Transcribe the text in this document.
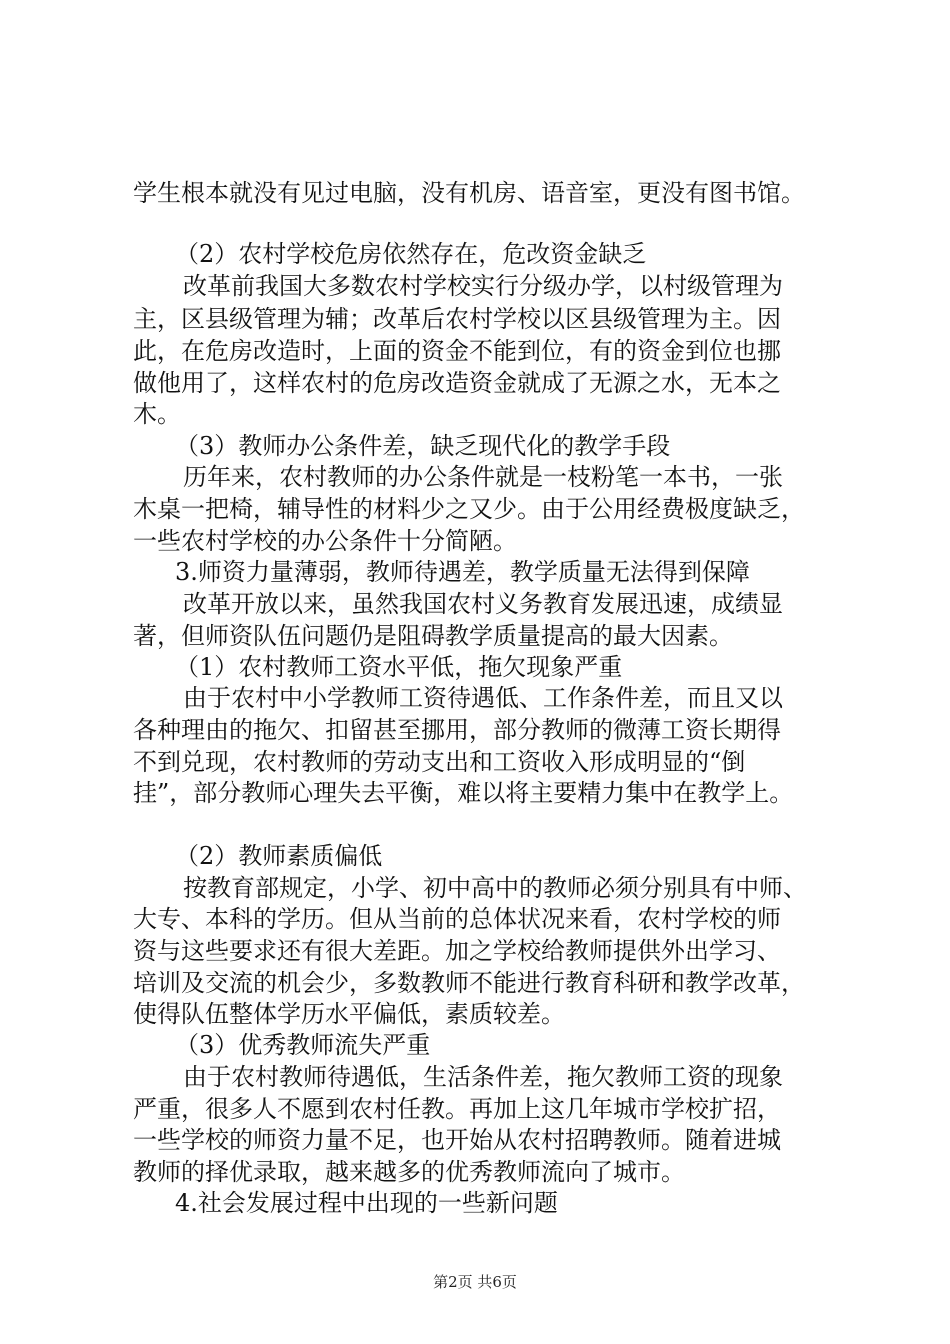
学生根本就没有见过电脑，没有机房、语音室，更没有图书馆。
（2）农村学校危房依然存在，危改资金缺乏
改革前我国大多数农村学校实行分级办学，以村级管理为
主，区县级管理为辅；改革后农村学校以区县级管理为主。因
此，在危房改造时，上面的资金不能到位，有的资金到位也挪
做他用了，这样农村的危房改造资金就成了无源之水，无本之
木。
（3）教师办公条件差，缺乏现代化的教学手段
历年来，农村教师的办公条件就是一枝粉笔一本书，一张
木桌一把椅，辅导性的材料少之又少。由于公用经费极度缺乏，
一些农村学校的办公条件十分简陋。
3.师资力量薄弱，教师待遇差，教学质量无法得到保障
改革开放以来，虽然我国农村义务教育发展迅速，成绩显
著，但师资队伍问题仍是阻碍教学质量提高的最大因素。
（1）农村教师工资水平低，拖欠现象严重
由于农村中小学教师工资待遇低、工作条件差，而且又以
各种理由的拖欠、扣留甚至挪用，部分教师的微薄工资长期得
不到兑现，农村教师的劳动支出和工资收入形成明显的“倒
挂”，部分教师心理失去平衡，难以将主要精力集中在教学上。
（2）教师素质偏低
按教育部规定，小学、初中高中的教师必须分别具有中师、
大专、本科的学历。但从当前的总体状况来看，农村学校的师
资与这些要求还有很大差距。加之学校给教师提供外出学习、
培训及交流的机会少，多数教师不能进行教育科研和教学改革，
使得队伍整体学历水平偏低，素质较差。
（3）优秀教师流失严重
由于农村教师待遇低，生活条件差，拖欠教师工资的现象
严重，很多人不愿到农村任教。再加上这几年城市学校扩招，
一些学校的师资力量不足，也开始从农村招聘教师。随着进城
教师的择优录取，越来越多的优秀教师流向了城市。
4.社会发展过程中出现的一些新问题
第2页 共6页
